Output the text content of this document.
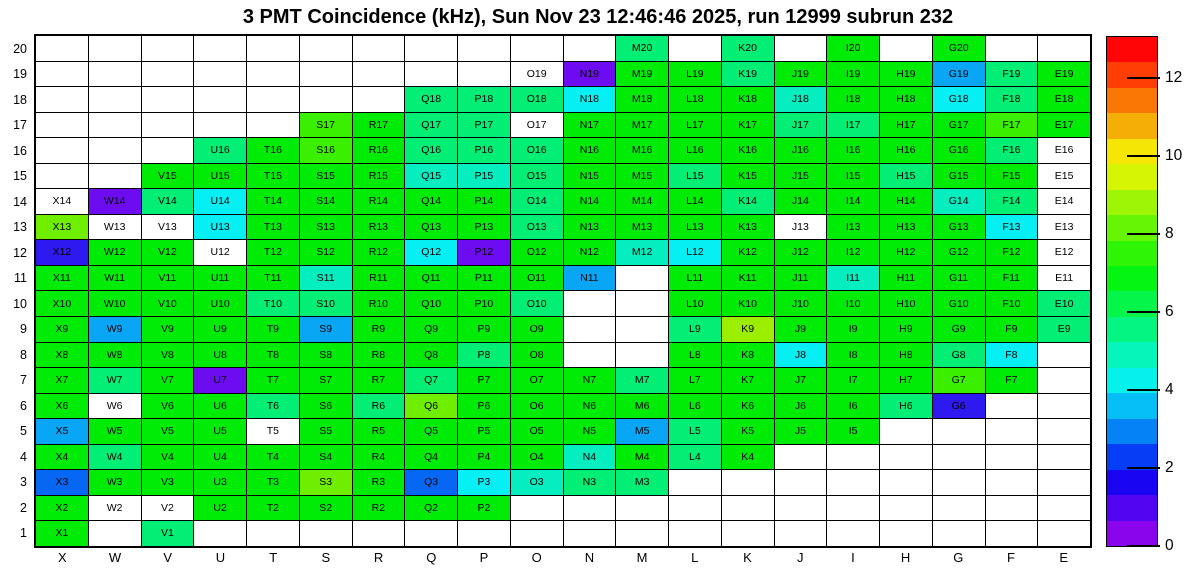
3 PMT Coincidence (kHz), Sun Nov 23 12:46:46 2025, run 12999 subrun 232
20
19
18
17
16
15
14
13
12
11
10
9
8
7
6
5
4
3
2
1
M20	K20	I20	G20
O19	N19	M19	L19	K19	J19	I19	H19	G19	F19	E19
Q18	P18	O18	N18	M18	L18	K18	J18	I18	H18	G18	F18	E18
S17	R17	Q17	P17	O17	N17	M17	L17	K17	J17	I17	H17	G17	F17	E17
U16	T16	S16	R16	Q16	P16	O16	N16	M16	L16	K16	J16	I16	H16	G16	F16	E16
V15	U15	T15	S15	R15	Q15	P15	O15	N15	M15	L15	K15	J15	I15	H15	G15	F15	E15
X14	W14	V14	U14	T14	S14	R14	Q14	P14	O14	N14	M14	L14	K14	J14	I14	H14	G14	F14	E14
X13	W13	V13	U13	T13	S13	R13	Q13	P13	O13	N13	M13	L13	K13	J13	I13	H13	G13	F13	E13
X12	W12	V12	U12	T12	S12	R12	Q12	P12	O12	N12	M12	L12	K12	J12	I12	H12	G12	F12	E12
X11	W11	V11	U11	T11	S11	R11	Q11	P11	O11	N11	L11	K11	J11	I11	H11	G11	F11	E11
X10	W10	V10	U10	T10	S10	R10	Q10	P10	O10	L10	K10	J10	I10	H10	G10	F10	E10
X9	W9	V9	U9	T9	S9	R9	Q9	P9	O9	L9	K9	J9	I9	H9	G9	F9	E9
X8	W8	V8	U8	T8	S8	R8	Q8	P8	O8	L8	K8	J8	I8	H8	G8	F8
X7	W7	V7	U7	T7	S7	R7	Q7	P7	O7	N7	M7	L7	K7	J7	I7	H7	G7	F7
X6	W6	V6	U6	T6	S6	R6	Q6	P6	O6	N6	M6	L6	K6	J6	I6	H6	G6
X5	W5	V5	U5	T5	S5	R5	Q5	P5	O5	N5	M5	L5	K5	J5	I5
X4	W4	V4	U4	T4	S4	R4	Q4	P4	O4	N4	M4	L4	K4
X3	W3	V3	U3	T3	S3	R3	Q3	P3	O3	N3	M3
X2	W2	V2	U2	T2	S2	R2	Q2	P2
X1	V1
X	W	V	U	T	S	R	Q	P	O	N	M	L	K	J	I	H	G	F	E
0
2
4
6
8
10
12
